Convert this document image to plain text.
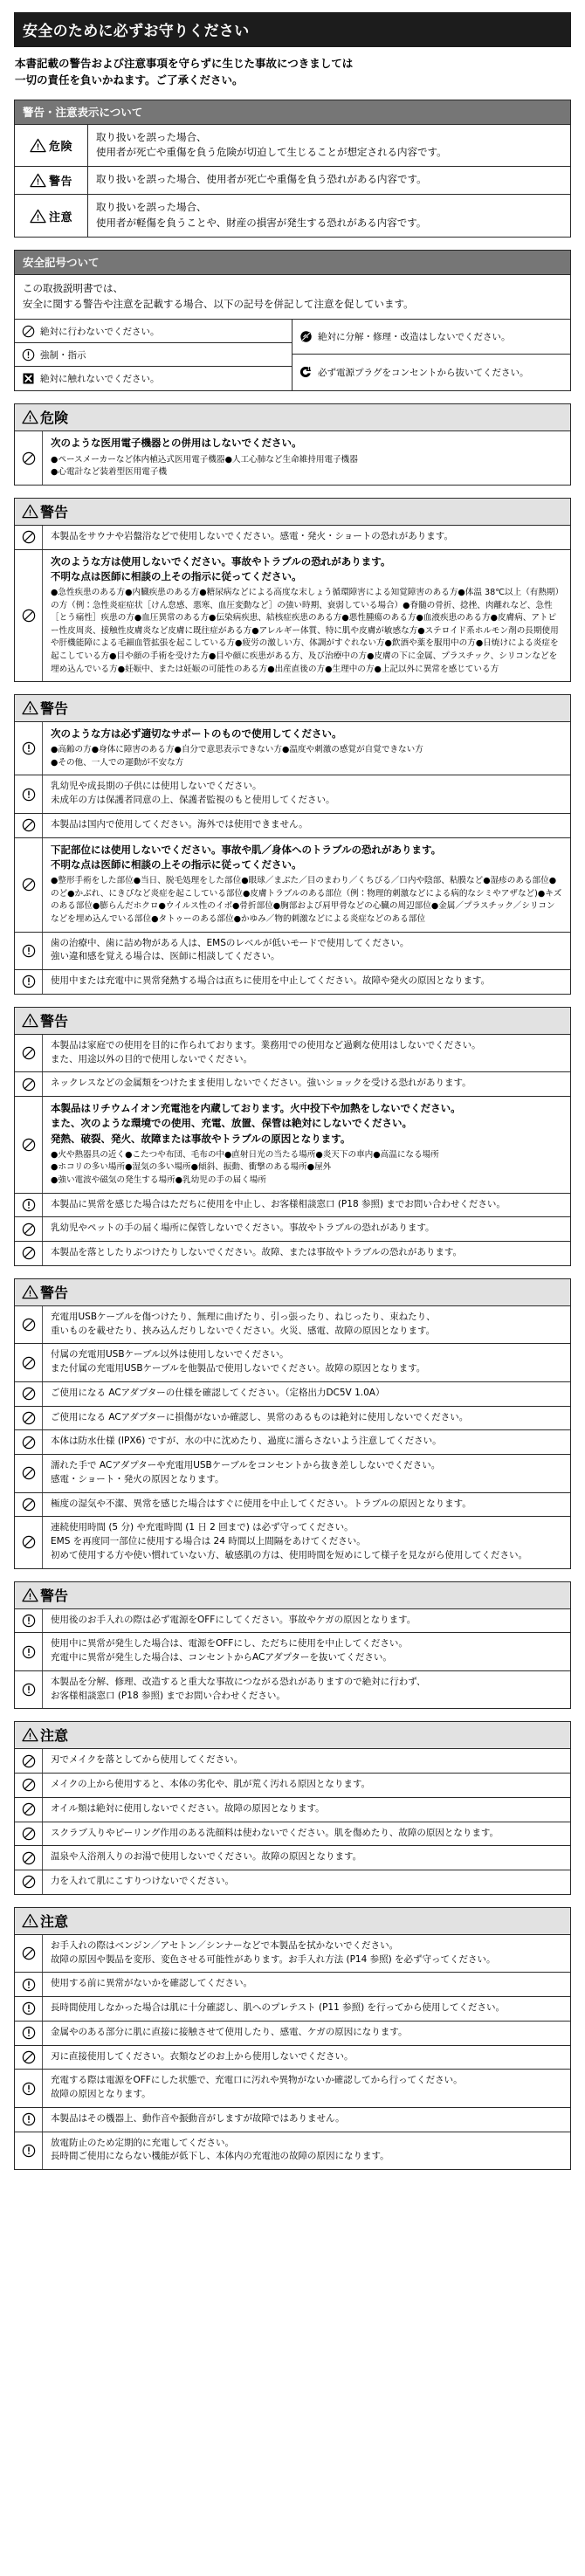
安全のために必ずお守りください
本書記載の警告および注意事項を守らずに生じた事故につきましては
一切の責任を負いかねます。ご了承ください。
警告・注意表示について
危険
取り扱いを誤った場合、
使用者が死亡や重傷を負う危険が切迫して生じることが想定される内容です。
警告 取り扱いを誤った場合、使用者が死亡や重傷を負う恐れがある内容です。
注意
取り扱いを誤った場合、
使用者が軽傷を負うことや、財産の損害が発生する恐れがある内容です。
安全記号ついて
この取扱説明書では、
安全に関する警告や注意を記載する場合、以下の記号を併記して注意を促しています。
絶対に行わないでください。
強制・指示
絶対に触れないでください。
絶対に分解・修理・改造はしないでください。
必ず電源プラグをコンセントから抜いてください。
危険
次のような医用電子機器との併用はしないでください。
●ペースメーカーなど体内植込式医用電子機器●人工心肺など生命維持用電子機器
●心電計など装着型医用電子機
警告
本製品をサウナや岩盤浴などで使用しないでください。感電・発火・ショートの恐れがあります。
次のような方は使用しないでください。事故やトラブルの恐れがあります。
不明な点は医師に相談の上その指示に従ってください。
●急性疾患のある方●内臓疾患のある方●糖尿病などによる高度な末しょう循環障害による知覚障害のある方●体温 38℃以上（有熱期）の方（例：急性炎症症状［けん怠感、悪寒、血圧変動など］の強い時期、衰弱している場合）●脊髄の骨折、捻挫、肉離れなど、急性［とう痛性］疾患の方●血圧異常のある方●伝染病疾患、結核症疾患のある方●悪性腫瘍のある方●血液疾患のある方●皮膚病、アトピー性皮周炎、接触性皮膚炎など皮膚に既往症がある方●アレルギー体質、特に肌や皮膚が敏感な方●ステロイド系ホルモン剤の長期使用や肝機能障による毛細血管拡張を起こしている方●疲労の激しい方、体調がすぐれない方●飲酒や薬を服用中の方●日焼けによる炎症を起こしている方●目や顔の手術を受けた方●目や顔に疾患がある方、及び治療中の方●皮膚の下に金属、プラスチック、シリコンなどを埋め込んでいる方●妊娠中、または妊娠の可能性のある方●出産直後の方●生理中の方●上記以外に異常を感じている方
警告
次のような方は必ず適切なサポートのもので使用してください。
●高齢の方●身体に障害のある方●自分で意思表示できない方●温度や刺激の感覚が自覚できない方
●その他、一人での運動が不安な方
乳幼児や成長期の子供には使用しないでください。
未成年の方は保護者同意の上、保護者監視のもと使用してください。
本製品は国内で使用してください。海外では使用できません。
下記部位には使用しないでください。事故や肌／身体へのトラブルの恐れがあります。
不明な点は医師に相談の上その指示に従ってください。
●整形手術をした部位●当日、脱毛処理をした部位●眼球／まぶた／目のまわり／くちびる／口内や陰部、粘膜など●湿疹のある部位●のど●かぶれ、にきびなど炎症を起こしている部位●皮膚トラブルのある部位（例：物理的刺激などによる病的なシミやアザなど)●キズのある部位●膨らんだホクロ●ウイルス性のイボ●骨折部位●胸部および肩甲骨などの心臓の周辺部位●金属／プラスチック／シリコンなどを埋め込んでいる部位●タトゥーのある部位●かゆみ／物的刺激などによる炎症などのある部位
歯の治療中、歯に詰め物がある人は、EMSのレベルが低いモードで使用してください。
強い違和感を覚える場合は、医師に相談してください。
使用中または充電中に異常発熱する場合は直ちに使用を中止してください。故障や発火の原因となります。
警告
本製品は家庭での使用を目的に作られております。業務用での使用など過剰な使用はしないでください。
また、用途以外の目的で使用しないでください。
ネックレスなどの金属類をつけたまま使用しないでください。強いショックを受ける恐れがあります。
本製品はリチウムイオン充電池を内蔵しております。火中投下や加熱をしないでください。
また、次のような環境での使用、充電、放置、保管は絶対にしないでください。
発熱、破裂、発火、故障または事故やトラブルの原因となります。
●火や熱器具の近く●こたつや布団、毛布の中●直射日光の当たる場所●炎天下の車内●高温になる場所
●ホコリの多い場所●湿気の多い場所●傾斜、振動、衝撃のある場所●屋外
●強い電波や磁気の発生する場所●乳幼児の手の届く場所
本製品に異常を感じた場合はただちに使用を中止し、お客様相談窓口 (P18 参照) までお問い合わせください。
乳幼児やペットの手の届く場所に保管しないでください。事故やトラブルの恐れがあります。
本製品を落としたりぶつけたりしないでください。故障、または事故やトラブルの恐れがあります。
警告
充電用USBケーブルを傷つけたり、無理に曲げたり、引っ張ったり、ねじったり、束ねたり、
重いものを載せたり、挟み込んだりしないでください。火災、感電、故障の原因となります。
付属の充電用USBケーブル以外は使用しないでください。
また付属の充電用USBケーブルを他製品で使用しないでください。故障の原因となります。
ご使用になる ACアダプターの仕様を確認してください。（定格出力DC5V 1.0A）
ご使用になる ACアダプターに損傷がないか確認し、異常のあるものは絶対に使用しないでください。
本体は防水仕様 (IPX6) ですが、水の中に沈めたり、過度に濡らさないよう注意してください。
濡れた手で ACアダプターや充電用USBケーブルをコンセントから抜き差ししないでください。
感電・ショート・発火の原因となります。
極度の湿気や不潔、異常を感じた場合はすぐに使用を中止してください。トラブルの原因となります。
連続使用時間 (5 分) や充電時間 (1 日 2 回まで) は必ず守ってください。
EMS を再度同一部位に使用する場合は 24 時間以上間隔をあけてください。
初めて使用する方や使い慣れていない方、敏感肌の方は、使用時間を短めにして様子を見ながら使用してください。
警告
使用後のお手入れの際は必ず電源をOFFにしてください。事故やケガの原因となります。
使用中に異常が発生した場合は、電源をOFFにし、ただちに使用を中止してください。
充電中に異常が発生した場合は、コンセントからACアダプターを抜いてください。
本製品を分解、修理、改造すると重大な事故につながる恐れがありますので絶対に行わず、
お客様相談窓口 (P18 参照) までお問い合わせください。
注意
刃でメイクを落としてから使用してください。
メイクの上から使用すると、本体の劣化や、肌が荒く汚れる原因となります。
オイル類は絶対に使用しないでください。故障の原因となります。
スクラブ入りやピーリング作用のある洗顔料は使わないでください。肌を傷めたり、故障の原因となります。
温泉や入浴剤入りのお湯で使用しないでください。故障の原因となります。
力を入れて肌にこすりつけないでください。
注意
お手入れの際はベンジン／アセトン／シンナーなどで本製品を拭かないでください。
故障の原因や製品を変形、変色させる可能性があります。お手入れ方法 (P14 参照) を必ず守ってください。
使用する前に異常がないかを確認してください。
長時間使用しなかった場合は肌に十分確認し、肌へのプレテスト (P11 参照) を行ってから使用してください。
金属やのある部分に肌に直接に接触させて使用したり、感電、ケガの原因になります。
刃に直接使用してください。衣類などのお上から使用しないでください。
充電する際は電源をOFFにした状態で、充電口に汚れや異物がないか確認してから行ってください。
故障の原因となります。
本製品はその機器上、動作音や振動音がしますが故障ではありません。
放電防止のため定期的に充電してください。
長時間ご使用にならない機能が低下し、本体内の充電池の故障の原因になります。
